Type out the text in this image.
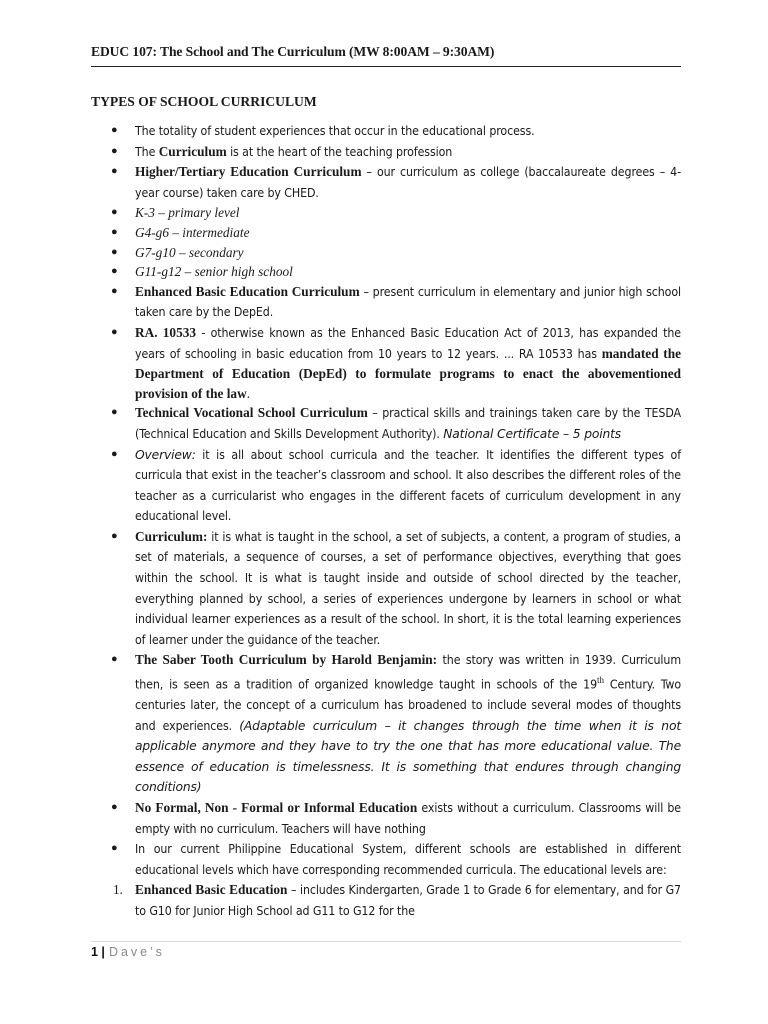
EDUC 107: The School and The Curriculum (MW 8:00AM – 9:30AM)
TYPES OF SCHOOL CURRICULUM
● The totality of student experiences that occur in the educational process.
● The Curriculum is at the heart of the teaching profession
● Higher/Tertiary Education Curriculum – our curriculum as college (baccalaureate degrees – 4-year course) taken care by CHED.
● K-3 – primary level
● G4-g6 – intermediate
● G7-g10 – secondary
● G11-g12 – senior high school
● Enhanced Basic Education Curriculum – present curriculum in elementary and junior high school taken care by the DepEd.
● RA. 10533 - otherwise known as the Enhanced Basic Education Act of 2013, has expanded the years of schooling in basic education from 10 years to 12 years. ... RA 10533 has mandated the Department of Education (DepEd) to formulate programs to enact the abovementioned provision of the law.
● Technical Vocational School Curriculum – practical skills and trainings taken care by the TESDA (Technical Education and Skills Development Authority). National Certificate – 5 points
● Overview: it is all about school curricula and the teacher. It identifies the different types of curricula that exist in the teacher’s classroom and school. It also describes the different roles of the teacher as a curricularist who engages in the different facets of curriculum development in any educational level.
● Curriculum: it is what is taught in the school, a set of subjects, a content, a program of studies, a set of materials, a sequence of courses, a set of performance objectives, everything that goes within the school. It is what is taught inside and outside of school directed by the teacher, everything planned by school, a series of experiences undergone by learners in school or what individual learner experiences as a result of the school. In short, it is the total learning experiences of learner under the guidance of the teacher.
● The Saber Tooth Curriculum by Harold Benjamin: the story was written in 1939. Curriculum then, is seen as a tradition of organized knowledge taught in schools of the 19th Century. Two centuries later, the concept of a curriculum has broadened to include several modes of thoughts and experiences. (Adaptable curriculum – it changes through the time when it is not applicable anymore and they have to try the one that has more educational value. The essence of education is timelessness. It is something that endures through changing conditions)
● No Formal, Non - Formal or Informal Education exists without a curriculum. Classrooms will be empty with no curriculum. Teachers will have nothing
● In our current Philippine Educational System, different schools are established in different educational levels which have corresponding recommended curricula. The educational levels are:
1. Enhanced Basic Education – includes Kindergarten, Grade 1 to Grade 6 for elementary, and for G7 to G10 for Junior High School ad G11 to G12 for the
1 | Dave’s
